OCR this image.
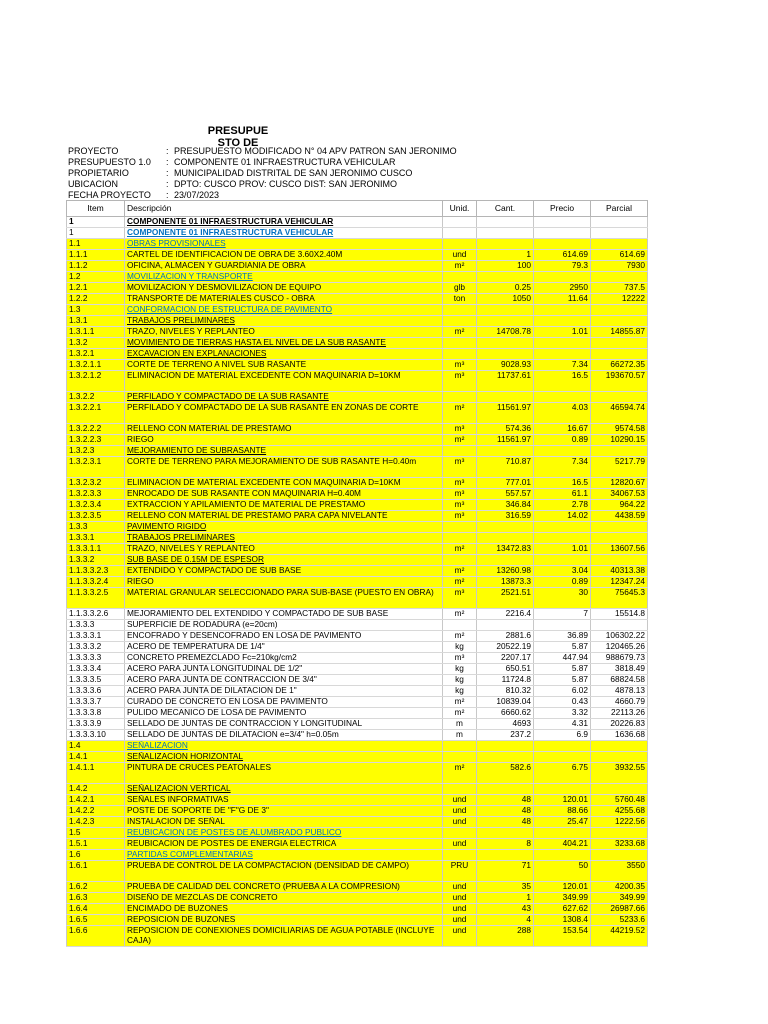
PRESUPUE
STO DE
PROYECTO	: PRESUPUESTO MODIFICADO N° 04 APV PATRON SAN JERONIMO
PRESUPUESTO 1.0 : COMPONENTE 01 INFRAESTRUCTURA VEHICULAR
PROPIETARIO	: MUNICIPALIDAD DISTRITAL DE SAN JERONIMO CUSCO
UBICACION	: DPTO: CUSCO PROV: CUSCO DIST: SAN JERONIMO
FECHA PROYECTO : 23/07/2023
Item	Descripción	Unid.	Cant.	Precio	Parcial
1	COMPONENTE 01 INFRAESTRUCTURA VEHICULAR				
1	COMPONENTE 01 INFRAESTRUCTURA VEHICULAR				
1.1	OBRAS PROVISIONALES				
1.1.1	CARTEL DE IDENTIFICACION DE OBRA DE 3.60X2.40M	und	1	614.69	614.69
1.1.2	OFICINA, ALMACEN Y GUARDIANIA DE OBRA	m²	100	79.3	7930
1.2	MOVILIZACION Y TRANSPORTE				
1.2.1	MOVILIZACION Y DESMOVILIZACION DE EQUIPO	glb	0.25	2950	737.5
1.2.2	TRANSPORTE DE MATERIALES CUSCO - OBRA	ton	1050	11.64	12222
1.3	CONFORMACION DE ESTRUCTURA DE PAVIMENTO				
1.3.1	TRABAJOS PRELIMINARES				
1.3.1.1	TRAZO, NIVELES Y REPLANTEO	m²	14708.78	1.01	14855.87
1.3.2	MOVIMIENTO DE TIERRAS HASTA EL NIVEL DE LA SUB RASANTE				
1.3.2.1	EXCAVACION EN EXPLANACIONES				
1.3.2.1.1	CORTE DE TERRENO A NIVEL SUB RASANTE	m³	9028.93	7.34	66272.35
1.3.2.1.2	ELIMINACION DE MATERIAL EXCEDENTE CON MAQUINARIA D=10KM	m³	11737.61	16.5	193670.57
1.3.2.2	PERFILADO Y COMPACTADO DE LA SUB RASANTE				
1.3.2.2.1	PERFILADO Y COMPACTADO DE LA SUB RASANTE EN ZONAS DE CORTE	m²	11561.97	4.03	46594.74
1.3.2.2.2	RELLENO CON MATERIAL DE PRESTAMO	m³	574.36	16.67	9574.58
1.3.2.2.3	RIEGO	m²	11561.97	0.89	10290.15
1.3.2.3	MEJORAMIENTO DE SUBRASANTE				
1.3.2.3.1	CORTE DE TERRENO PARA MEJORAMIENTO DE SUB RASANTE H=0.40m	m³	710.87	7.34	5217.79
1.3.2.3.2	ELIMINACION DE MATERIAL EXCEDENTE CON MAQUINARIA D=10KM	m³	777.01	16.5	12820.67
1.3.2.3.3	ENROCADO DE SUB RASANTE CON MAQUINARIA H=0.40M	m³	557.57	61.1	34067.53
1.3.2.3.4	EXTRACCION Y APILAMIENTO DE MATERIAL DE PRESTAMO	m³	346.84	2.78	964.22
1.3.2.3.5	RELLENO CON MATERIAL DE PRESTAMO PARA CAPA NIVELANTE	m³	316.59	14.02	4438.59
1.3.3	PAVIMENTO RIGIDO				
1.3.3.1	TRABAJOS PRELIMINARES				
1.3.3.1.1	TRAZO, NIVELES Y REPLANTEO	m²	13472.83	1.01	13607.56
1.3.3.2	SUB BASE DE 0.15M DE ESPESOR				
1.1.3.3.2.3	EXTENDIDO Y COMPACTADO DE SUB BASE	m²	13260.98	3.04	40313.38
1.1.3.3.2.4	RIEGO	m²	13873.3	0.89	12347.24
1.1.3.3.2.5	MATERIAL GRANULAR SELECCIONADO PARA SUB-BASE (PUESTO EN OBRA)	m³	2521.51	30	75645.3
1.1.3.3.2.6	MEJORAMIENTO DEL EXTENDIDO Y COMPACTADO DE SUB BASE	m²	2216.4	7	15514.8
1.3.3.3	SUPERFICIE DE RODADURA (e=20cm)				
1.3.3.3.1	ENCOFRADO Y DESENCOFRADO EN LOSA DE PAVIMENTO	m²	2881.6	36.89	106302.22
1.3.3.3.2	ACERO DE TEMPERATURA DE 1/4"	kg	20522.19	5.87	120465.26
1.3.3.3.3	CONCRETO PREMEZCLADO Fc=210kg/cm2	m³	2207.17	447.94	988679.73
1.3.3.3.4	ACERO PARA JUNTA LONGITUDINAL DE 1/2"	kg	650.51	5.87	3818.49
1.3.3.3.5	ACERO PARA JUNTA DE CONTRACCION DE 3/4"	kg	11724.8	5.87	68824.58
1.3.3.3.6	ACERO PARA JUNTA DE DILATACION DE 1"	kg	810.32	6.02	4878.13
1.3.3.3.7	CURADO DE CONCRETO EN LOSA DE PAVIMENTO	m²	10839.04	0.43	4660.79
1.3.3.3.8	PULIDO MECANICO DE LOSA DE PAVIMENTO	m²	6660.62	3.32	22113.26
1.3.3.3.9	SELLADO DE JUNTAS DE CONTRACCION Y LONGITUDINAL	m	4693	4.31	20226.83
1.3.3.3.10	SELLADO DE JUNTAS DE DILATACION e=3/4" h=0.05m	m	237.2	6.9	1636.68
1.4	SEÑALIZACION				
1.4.1	SEÑALIZACION HORIZONTAL				
1.4.1.1	PINTURA DE CRUCES PEATONALES	m²	582.6	6.75	3932.55
1.4.2	SEÑALIZACION VERTICAL				
1.4.2.1	SEÑALES INFORMATIVAS	und	48	120.01	5760.48
1.4.2.2	POSTE DE SOPORTE DE "F"G DE 3"	und	48	88.66	4255.68
1.4.2.3	INSTALACION DE SEÑAL	und	48	25.47	1222.56
1.5	REUBICACION DE POSTES DE ALUMBRADO PUBLICO				
1.5.1	REUBICACION DE POSTES DE ENERGIA ELECTRICA	und	8	404.21	3233.68
1.6	PARTIDAS COMPLEMENTARIAS				
1.6.1	PRUEBA DE CONTROL DE LA COMPACTACION (DENSIDAD DE CAMPO)	PRU	71	50	3550
1.6.2	PRUEBA DE CALIDAD DEL CONCRETO (PRUEBA A LA COMPRESION)	und	35	120.01	4200.35
1.6.3	DISEÑO DE MEZCLAS DE CONCRETO	und	1	349.99	349.99
1.6.4	ENCIMADO DE BUZONES	und	43	627.62	26987.66
1.6.5	REPOSICION DE BUZONES	und	4	1308.4	5233.6
1.6.6	REPOSICION DE CONEXIONES DOMICILIARIAS DE AGUA POTABLE (INCLUYE CAJA)	und	288	153.54	44219.52
